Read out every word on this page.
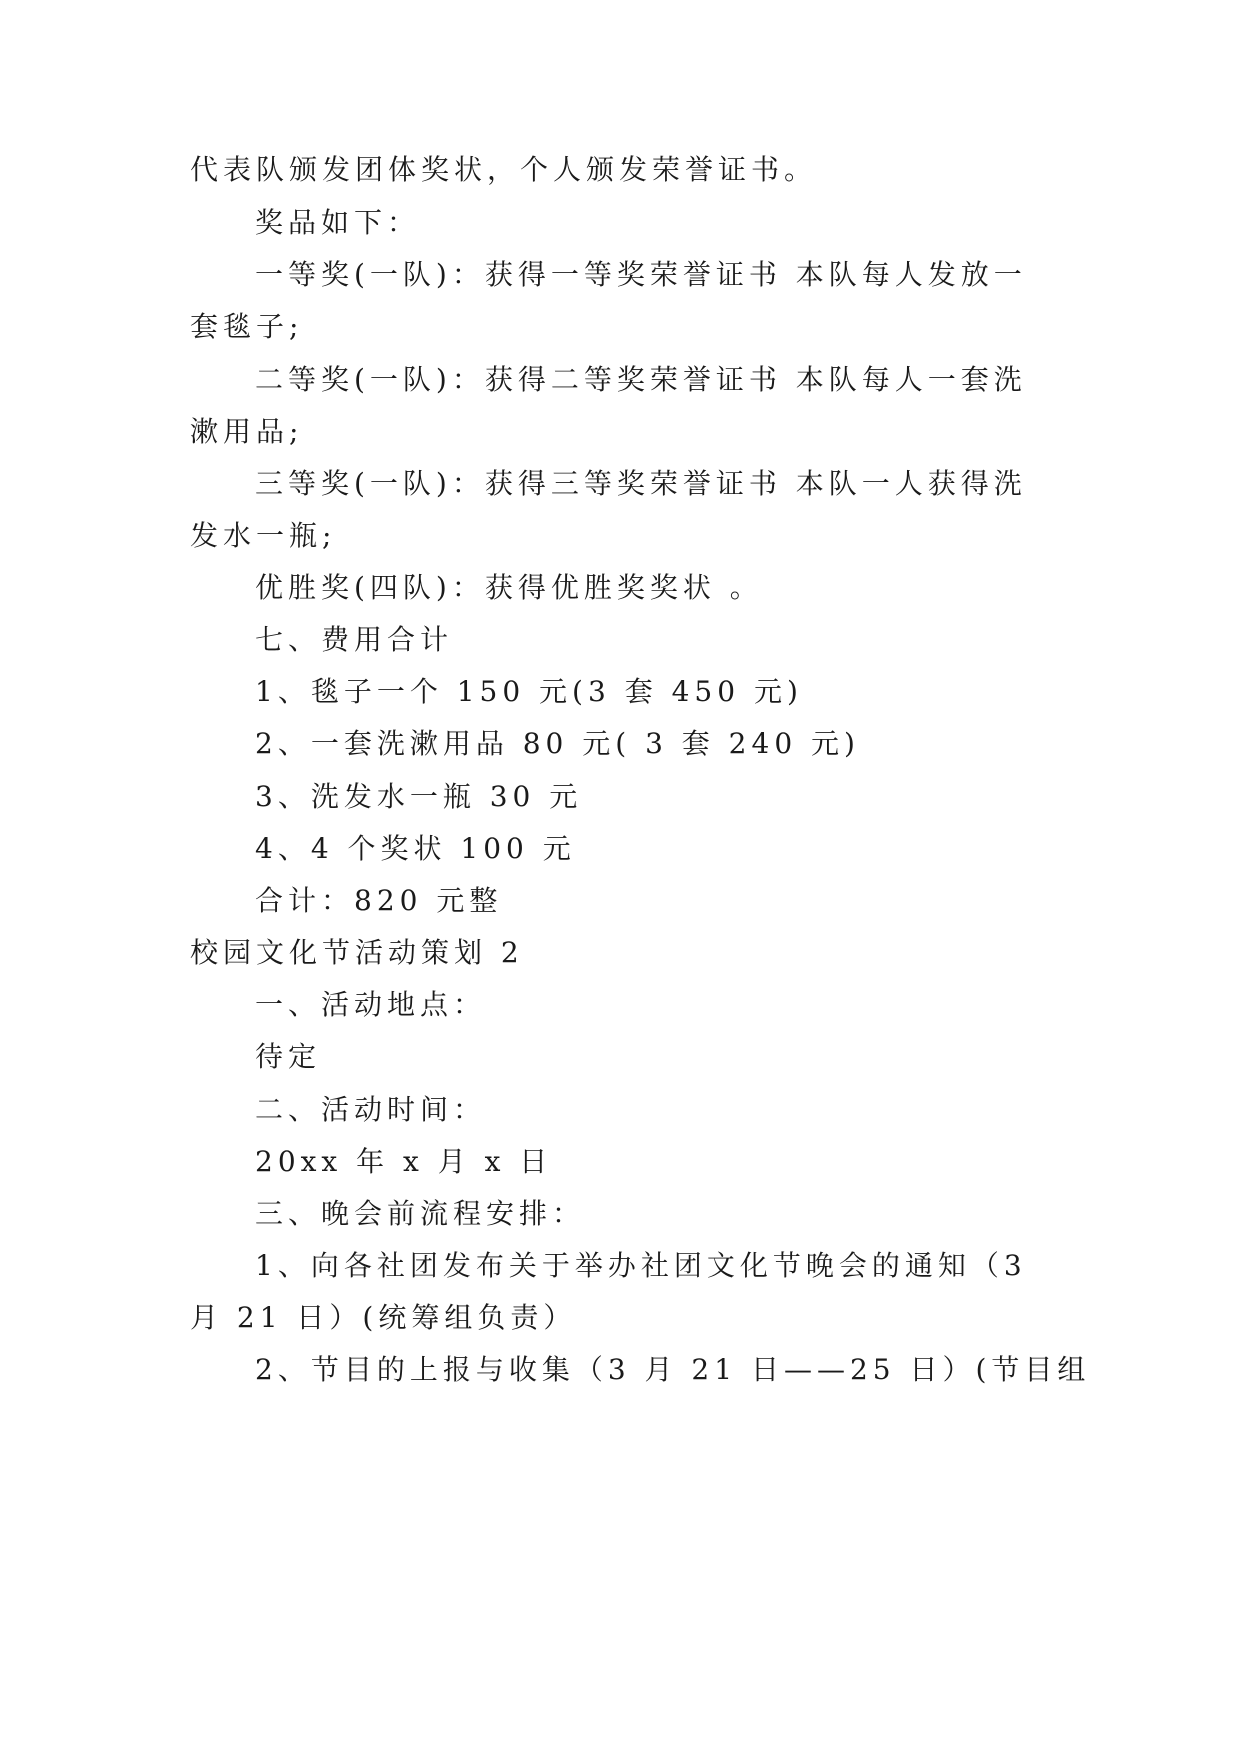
代表队颁发团体奖状，个人颁发荣誉证书。
奖品如下：
一等奖(一队)：获得一等奖荣誉证书 本队每人发放一
套毯子;
二等奖(一队)：获得二等奖荣誉证书 本队每人一套洗
漱用品;
三等奖(一队)：获得三等奖荣誉证书 本队一人获得洗
发水一瓶;
优胜奖(四队)：获得优胜奖奖状 。
七、费用合计
1、毯子一个 150 元(3 套 450 元)
2、一套洗漱用品 80 元( 3 套 240 元)
3、洗发水一瓶 30 元
4、4 个奖状 100 元
合计：820 元整
校园文化节活动策划 2
一、活动地点：
待定
二、活动时间：
20xx 年 x 月 x 日
三、晚会前流程安排：
1、向各社团发布关于举办社团文化节晚会的通知（3
月 21 日）(统筹组负责）
2、节目的上报与收集（3 月 21 日——25 日）(节目组
